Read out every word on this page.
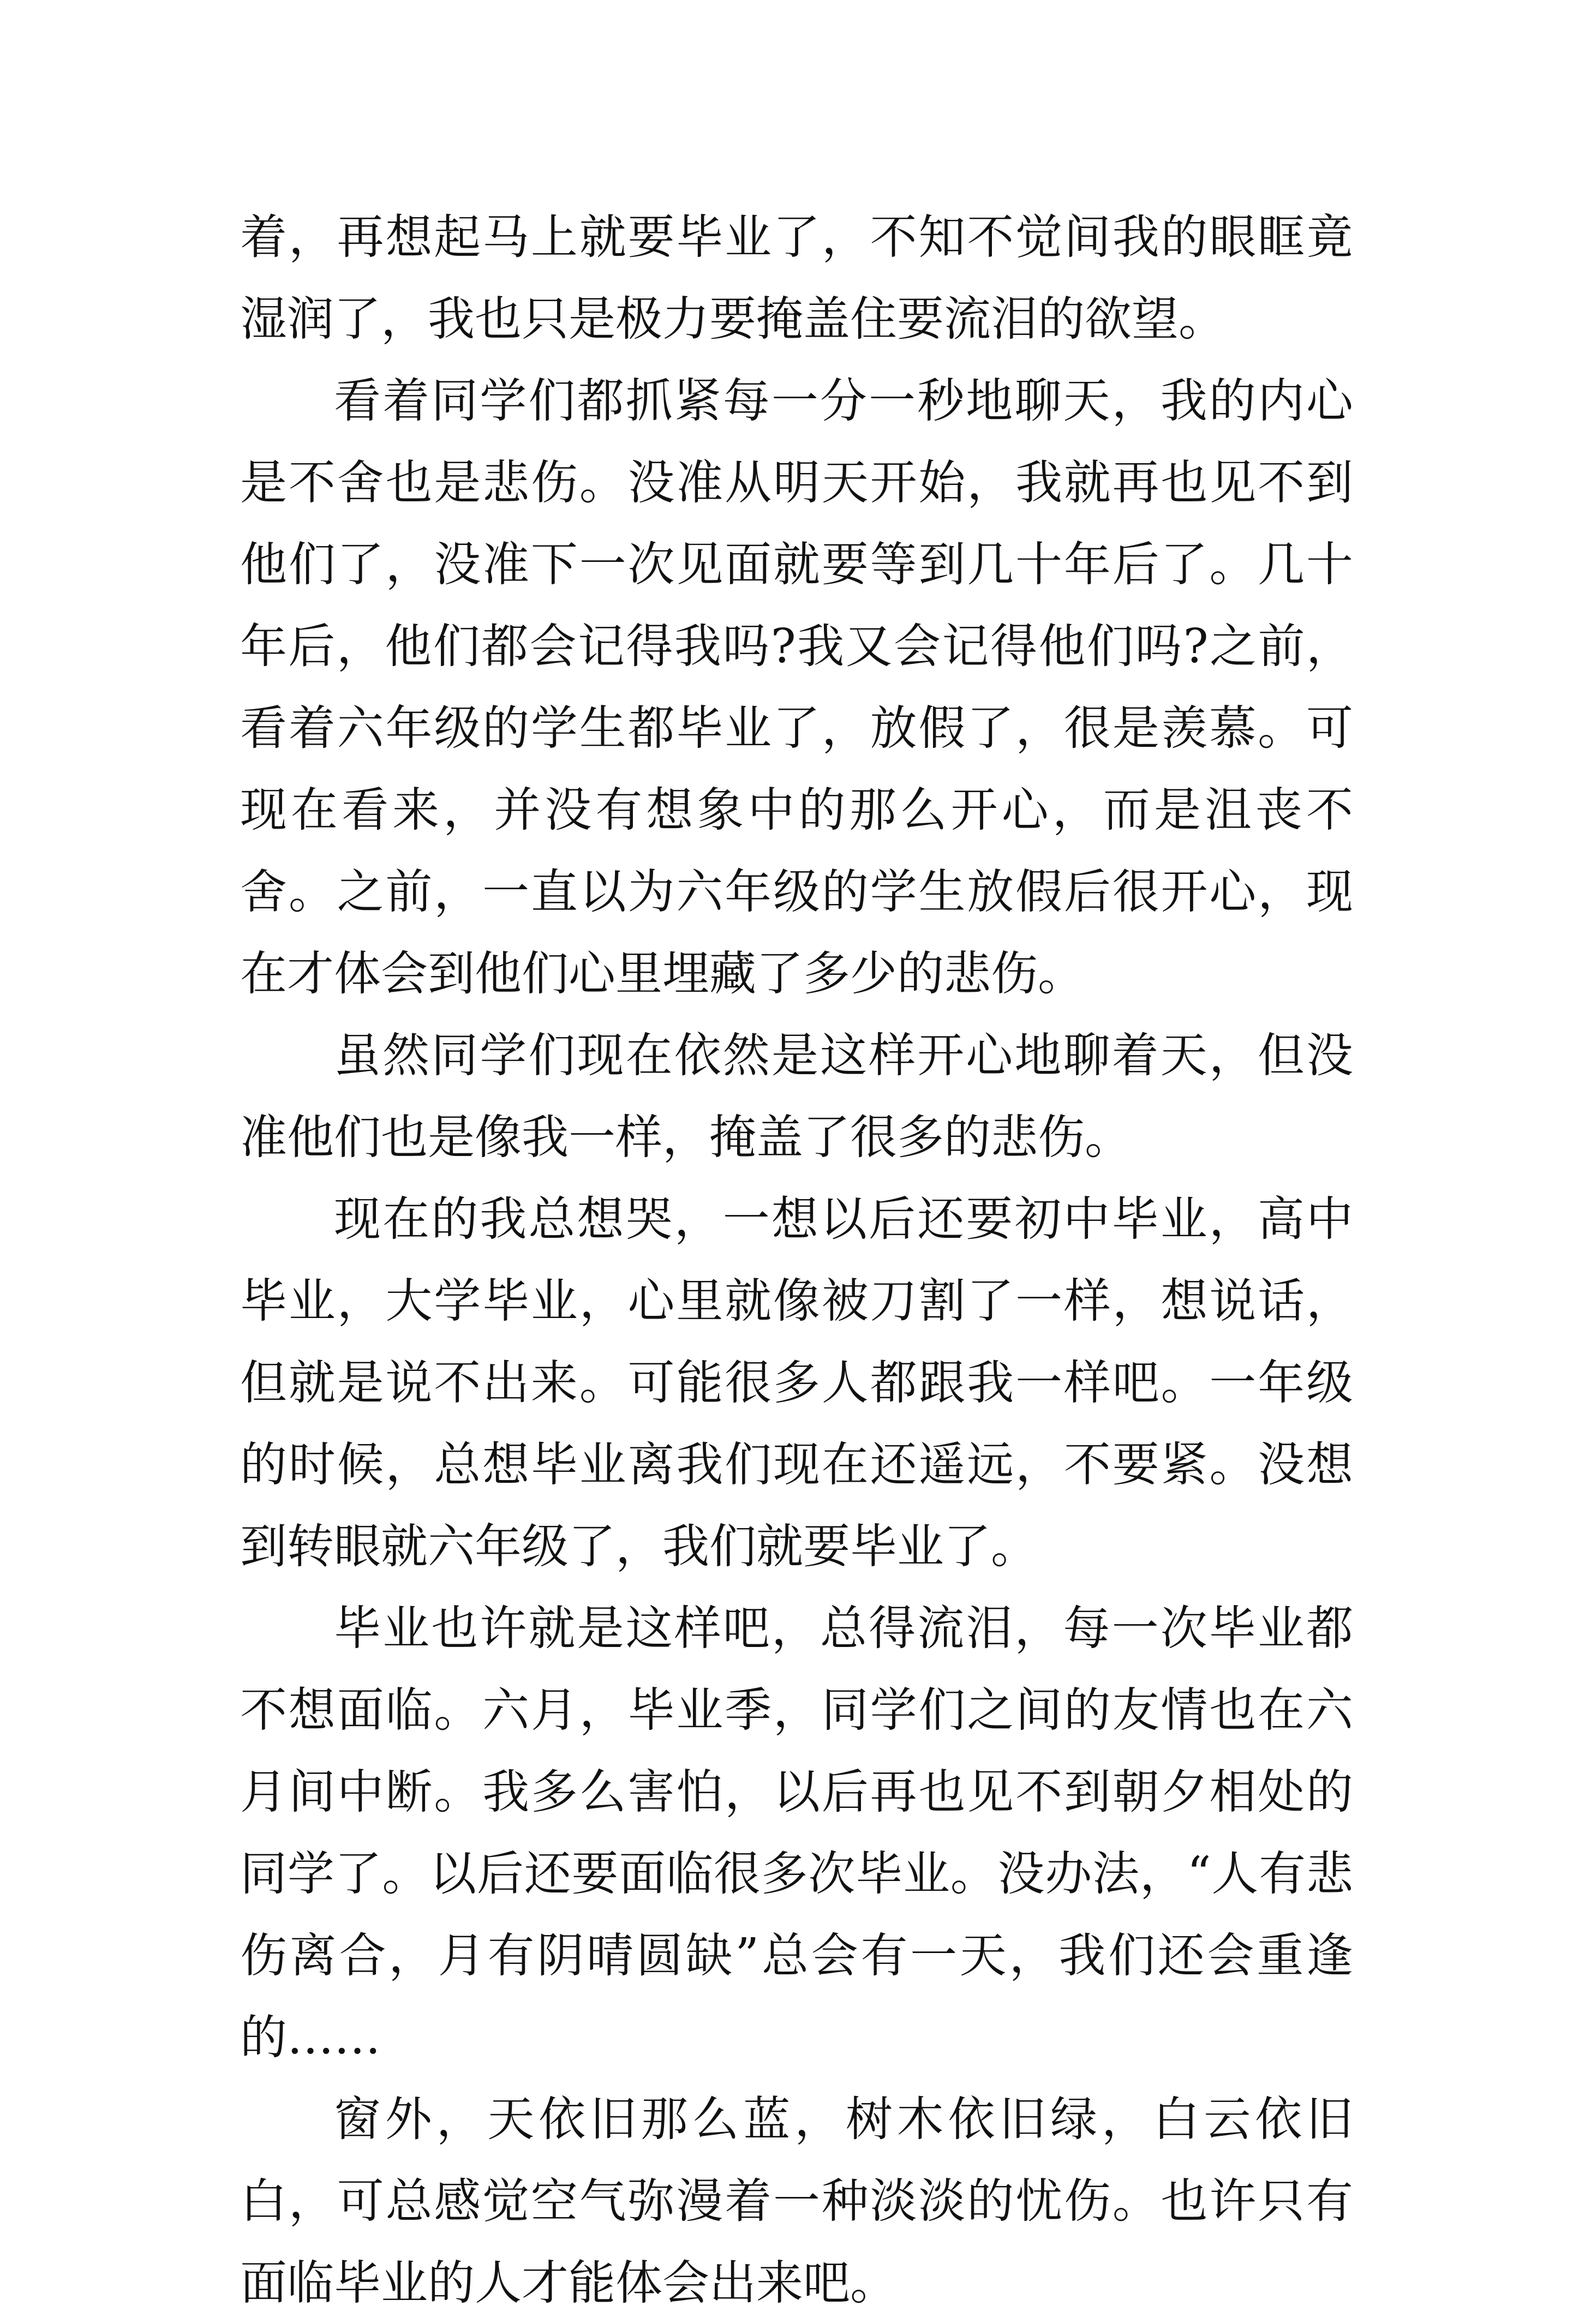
着，再想起马上就要毕业了，不知不觉间我的眼眶竟湿润了，我也只是极力要掩盖住要流泪的欲望。

看着同学们都抓紧每一分一秒地聊天，我的内心是不舍也是悲伤。没准从明天开始，我就再也见不到他们了，没准下一次见面就要等到几十年后了。几十年后，他们都会记得我吗?我又会记得他们吗?之前，看着六年级的学生都毕业了，放假了，很是羡慕。可现在看来，并没有想象中的那么开心，而是沮丧不舍。之前，一直以为六年级的学生放假后很开心，现在才体会到他们心里埋藏了多少的悲伤。

虽然同学们现在依然是这样开心地聊着天，但没准他们也是像我一样，掩盖了很多的悲伤。

现在的我总想哭，一想以后还要初中毕业，高中毕业，大学毕业，心里就像被刀割了一样，想说话，但就是说不出来。可能很多人都跟我一样吧。一年级的时候，总想毕业离我们现在还遥远，不要紧。没想到转眼就六年级了，我们就要毕业了。

毕业也许就是这样吧，总得流泪，每一次毕业都不想面临。六月，毕业季，同学们之间的友情也在六月间中断。我多么害怕，以后再也见不到朝夕相处的同学了。以后还要面临很多次毕业。没办法，“人有悲伤离合，月有阴晴圆缺”总会有一天，我们还会重逢的……

窗外，天依旧那么蓝，树木依旧绿，白云依旧白，可总感觉空气弥漫着一种淡淡的忧伤。也许只有面临毕业的人才能体会出来吧。
